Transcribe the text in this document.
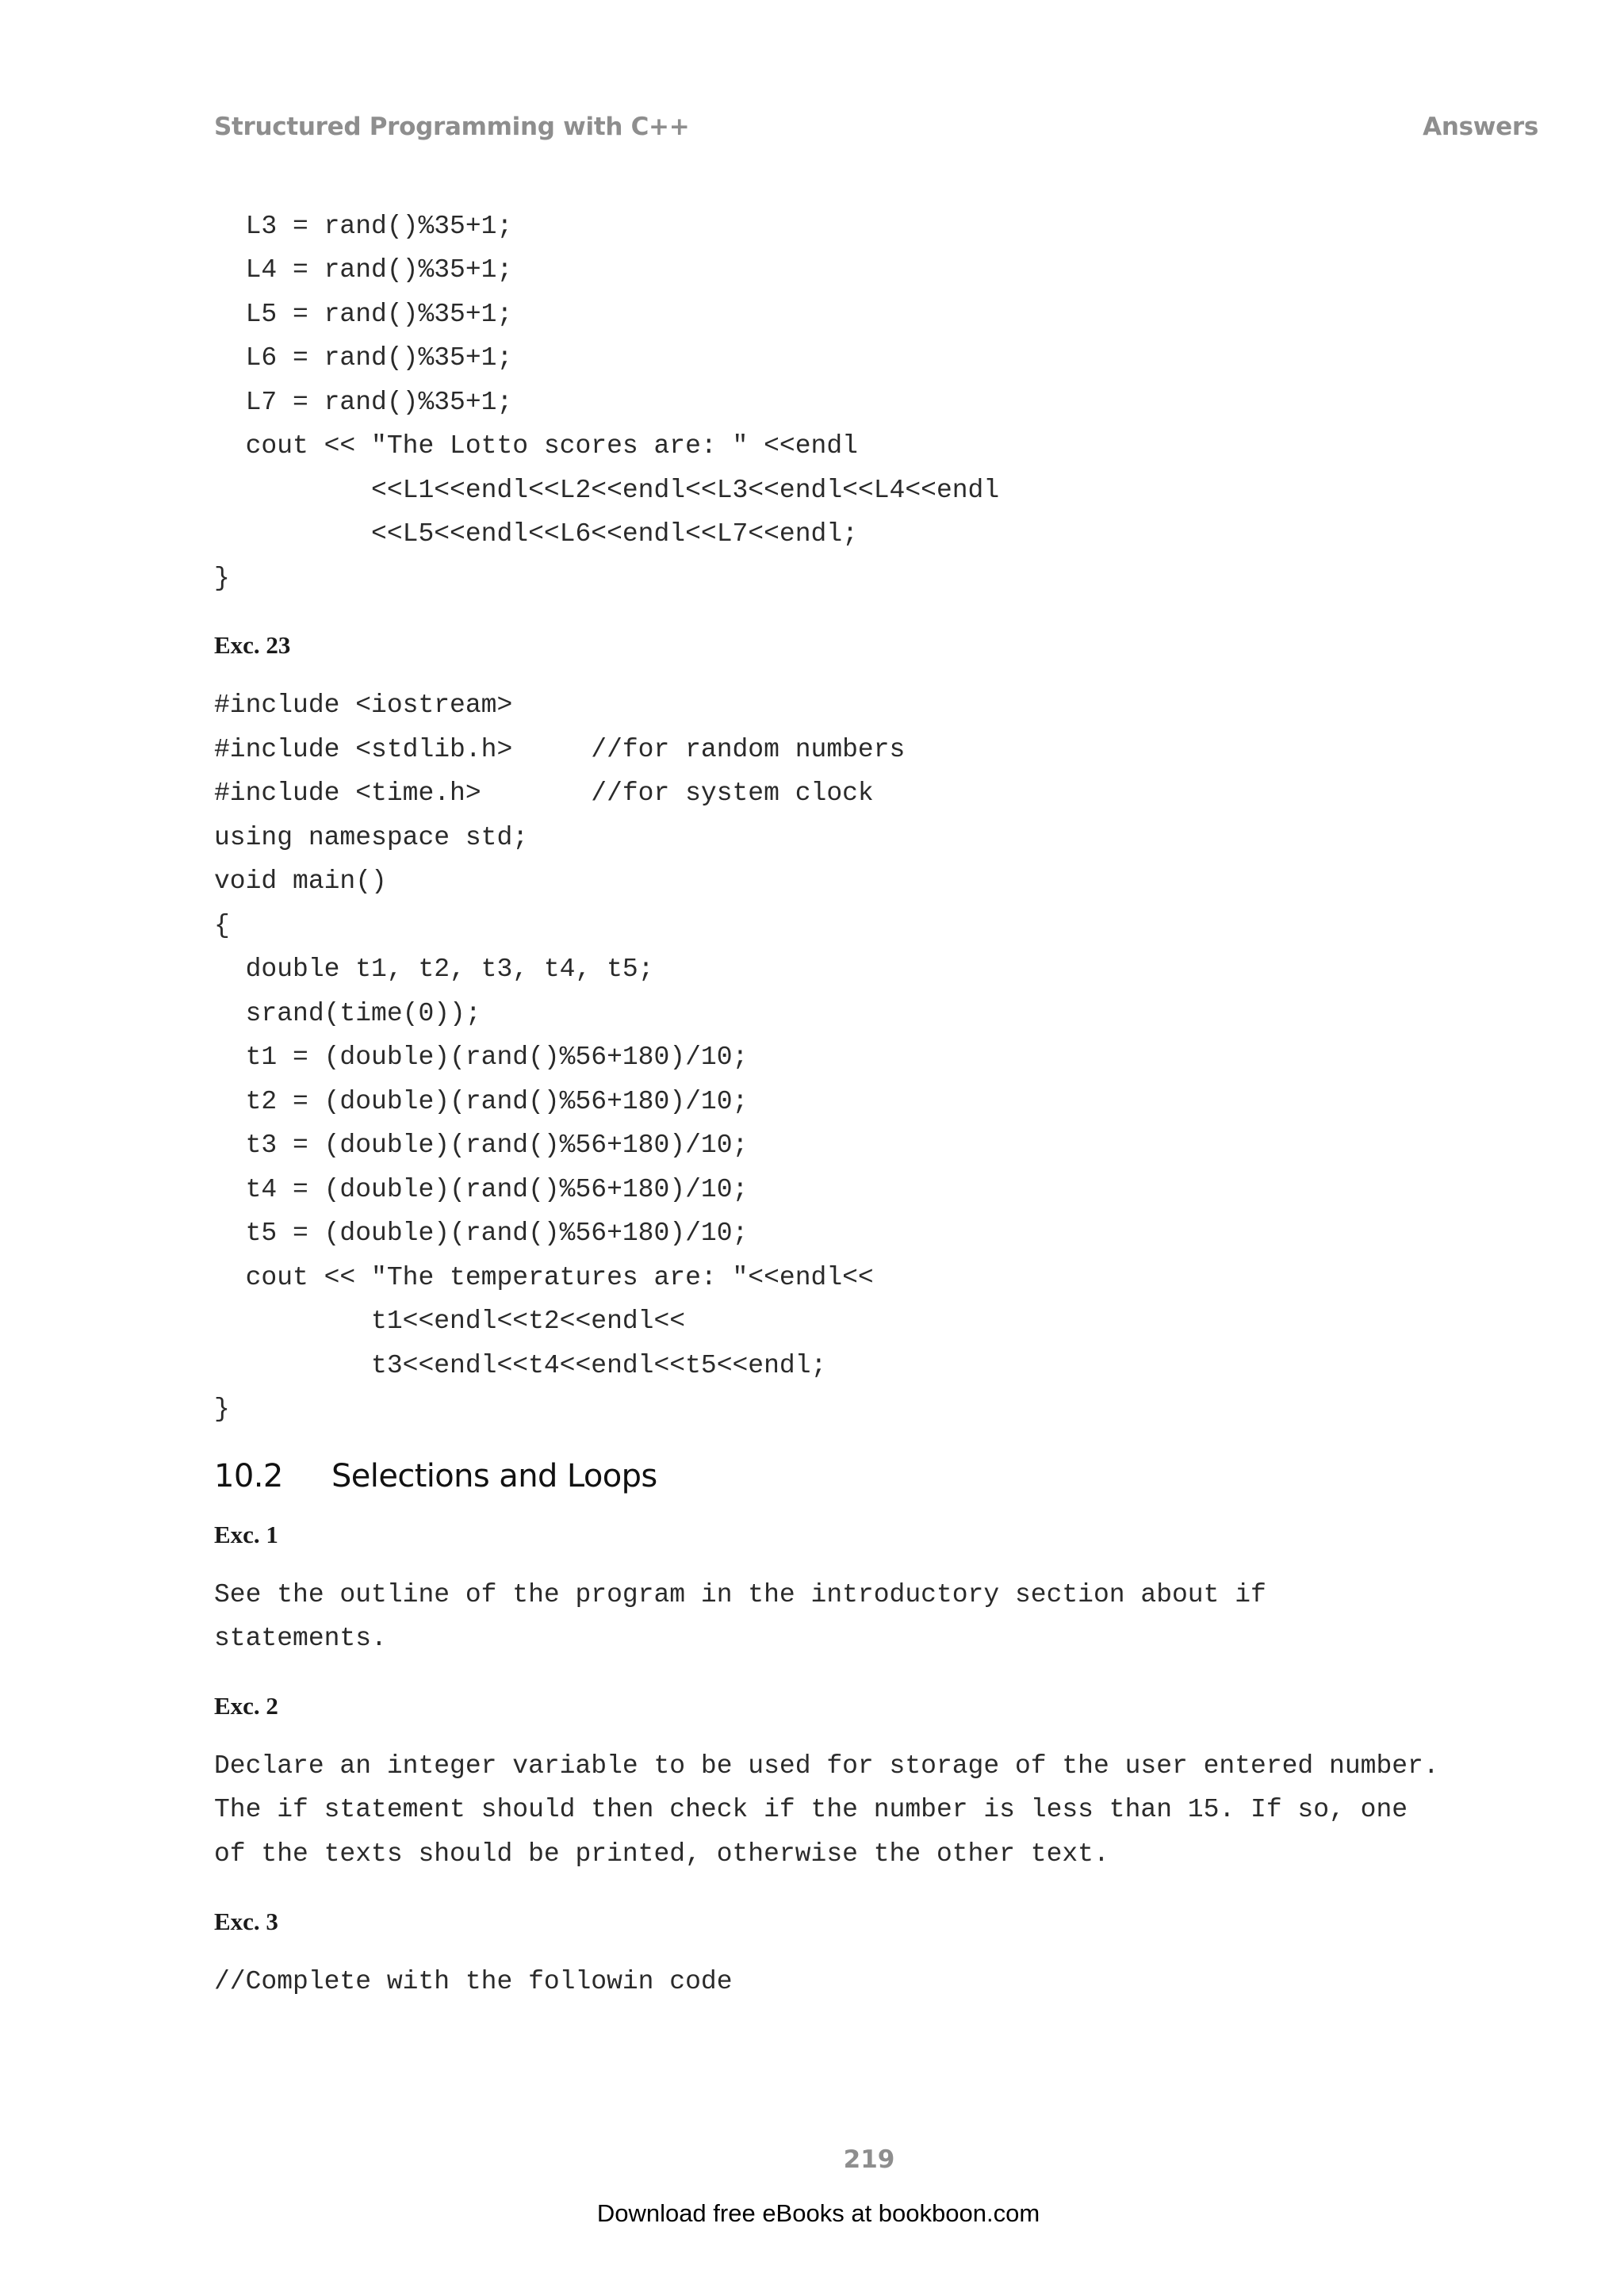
Structured Programming with C++	Answers
L3 = rand()%35+1;
L4 = rand()%35+1;
L5 = rand()%35+1;
L6 = rand()%35+1;
L7 = rand()%35+1;
cout << "The Lotto scores are: " <<endl
<<L1<<endl<<L2<<endl<<L3<<endl<<L4<<endl
<<L5<<endl<<L6<<endl<<L7<<endl;
}
Exc. 23
#include <iostream>
#include <stdlib.h>     //for random numbers
#include <time.h>       //for system clock
using namespace std;
void main()
{
double t1, t2, t3, t4, t5;
srand(time(0));
t1 = (double)(rand()%56+180)/10;
t2 = (double)(rand()%56+180)/10;
t3 = (double)(rand()%56+180)/10;
t4 = (double)(rand()%56+180)/10;
t5 = (double)(rand()%56+180)/10;
cout << "The temperatures are: "<<endl<<
t1<<endl<<t2<<endl<<
t3<<endl<<t4<<endl<<t5<<endl;
}
10.2 Selections and Loops
Exc. 1
See the outline of the program in the introductory section about if
statements.
Exc. 2
Declare an integer variable to be used for storage of the user entered number.
The if statement should then check if the number is less than 15. If so, one
of the texts should be printed, otherwise the other text.
Exc. 3
//Complete with the followin code
219
Download free eBooks at bookboon.com
